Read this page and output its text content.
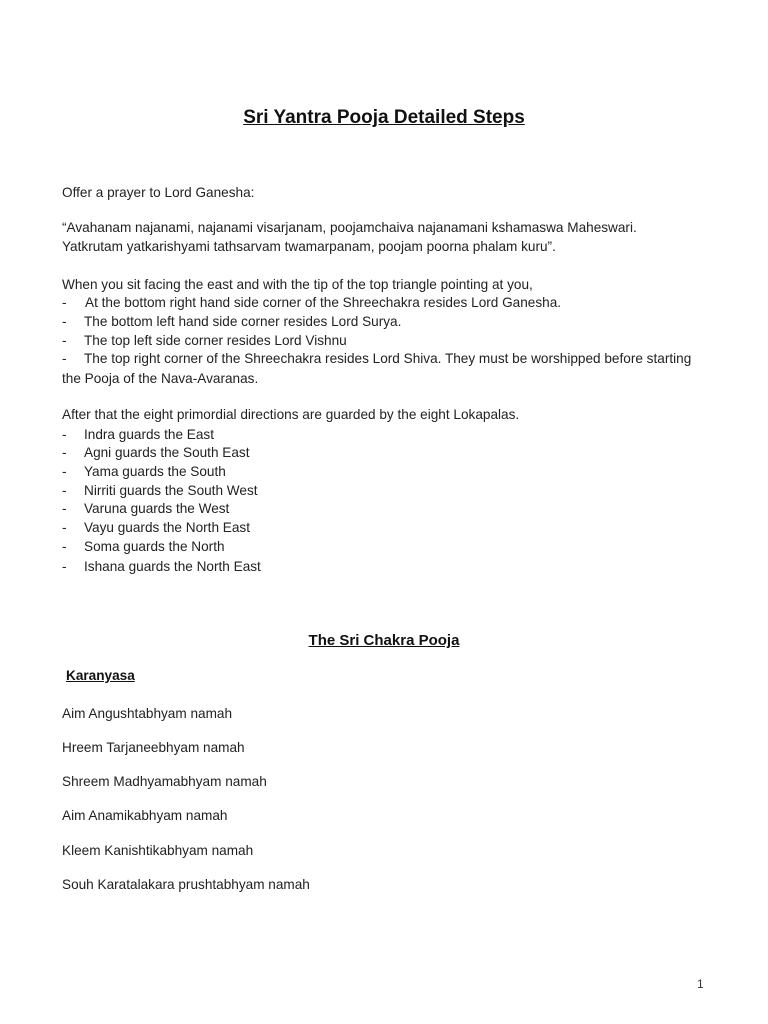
Sri Yantra Pooja Detailed Steps
Offer a prayer to Lord Ganesha:
“Avahanam najanami, najanami visarjanam, poojamchaiva najanamani kshamaswa Maheswari.
Yatkrutam yatkarishyami tathsarvam twamarpanam, poojam poorna phalam kuru”.
When you sit facing the east and with the tip of the top triangle pointing at you,
- At the bottom right hand side corner of the Shreechakra resides Lord Ganesha.
- The bottom left hand side corner resides Lord Surya.
- The top left side corner resides Lord Vishnu
- The top right corner of the Shreechakra resides Lord Shiva. They must be worshipped before starting
the Pooja of the Nava-Avaranas.
After that the eight primordial directions are guarded by the eight Lokapalas.
- Indra guards the East
- Agni guards the South East
- Yama guards the South
- Nirriti guards the South West
- Varuna guards the West
- Vayu guards the North East
- Soma guards the North
- Ishana guards the North East
The Sri Chakra Pooja
Karanyasa
Aim Angushtabhyam namah
Hreem Tarjaneebhyam namah
Shreem Madhyamabhyam namah
Aim Anamikabhyam namah
Kleem Kanishtikabhyam namah
Souh Karatalakara prushtabhyam namah
1
